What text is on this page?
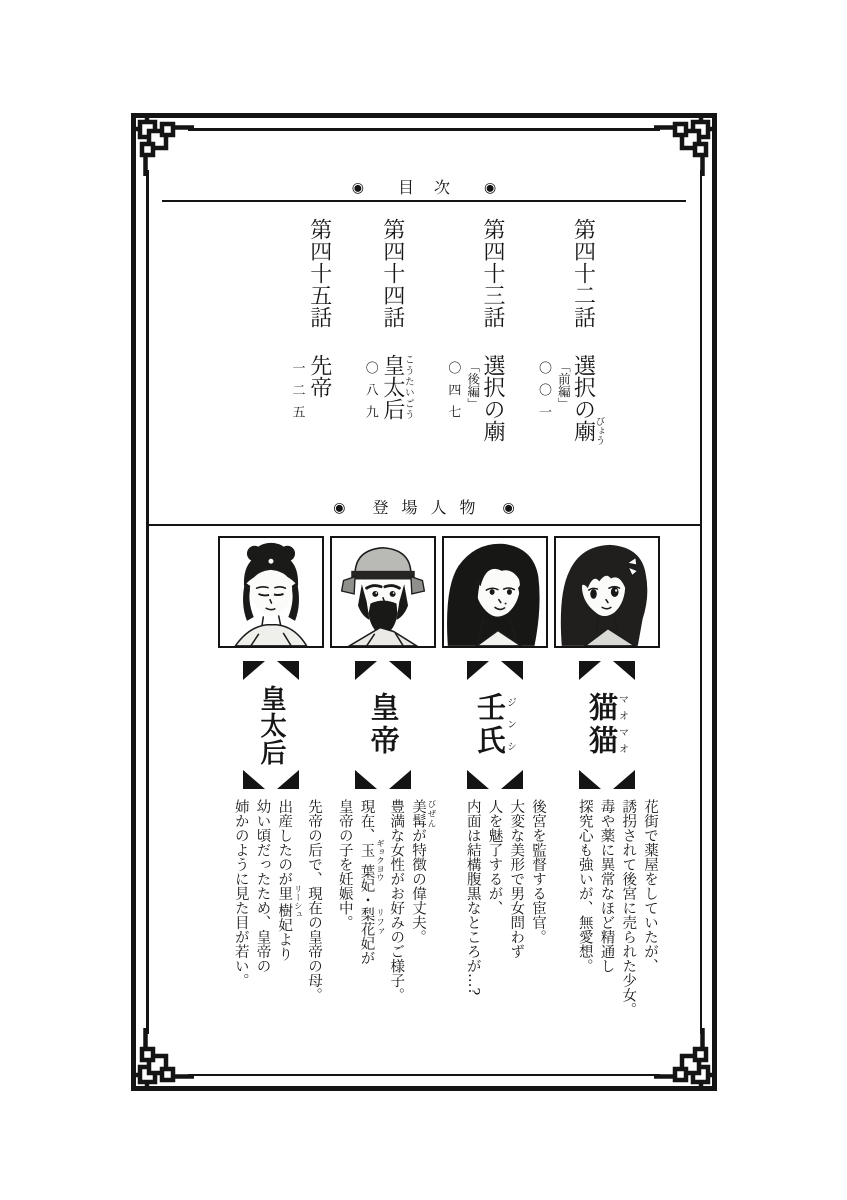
◉ 目次 ◉
第四十二話選択の廟びょう
「前編」
〇〇一
第四十三話選択の廟
「後編」
〇四七
第四十四話皇太后こうたいごう
〇八九
第四十五話先帝
一二五
◉ 登場人物 ◉
猫猫マオマオ
花街で薬屋をしていたが、
誘拐されて後宮に売られた少女。
毒や薬に異常なほど精通し
探究心も強いが、無愛想。
壬氏ジンシ
後宮を監督する宦官。
大変な美形で男女問わず
人を魅了するが、
内面は結構腹黒なところが…?
皇帝
美髯 びぜんが特徴の偉丈夫。
豊満な女性がお好みのご様子。
現在、玉葉 ギョクヨウ妃・梨花 リファ妃が
皇帝の子を妊娠中。
皇太后
先帝の后で、現在の皇帝の母。
出産したのが里樹 リーシュ妃より
幼い頃だったため、皇帝の
姉かのように見た目が若い。
